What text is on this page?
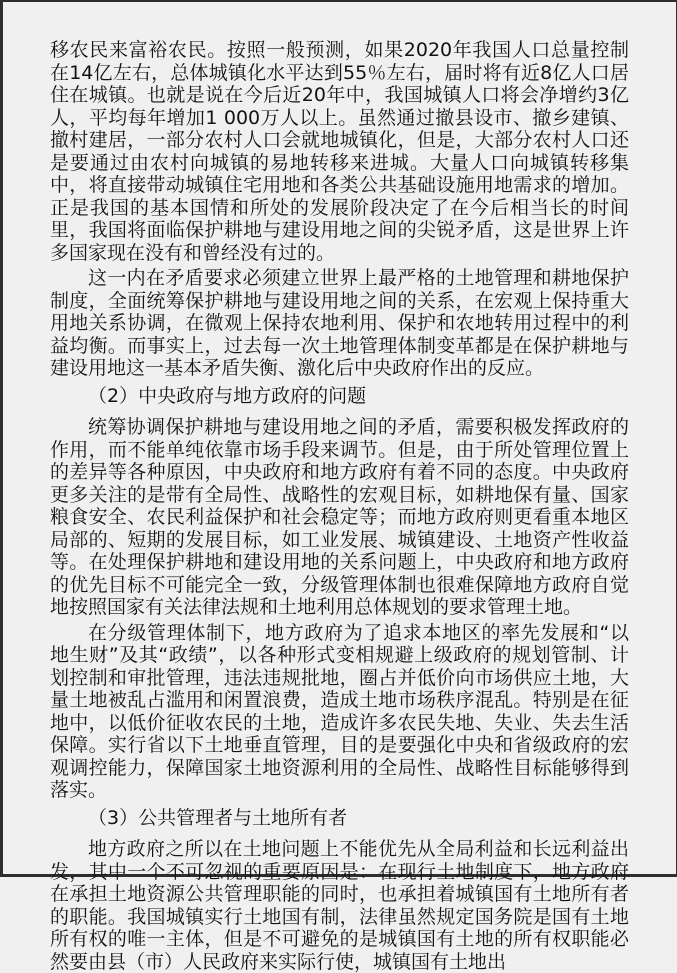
移农民来富裕农民。按照一般预测，如果2020年我国人口总量控制在14亿左右，总体城镇化水平达到55％左右，届时将有近8亿人口居住在城镇。也就是说在今后近20年中，我国城镇人口将会净增约3亿人，平均每年增加1 000万人以上。虽然通过撤县设市、撤乡建镇、撤村建居，一部分农村人口会就地城镇化，但是，大部分农村人口还是要通过由农村向城镇的易地转移来进城。大量人口向城镇转移集中，将直接带动城镇住宅用地和各类公共基础设施用地需求的增加。正是我国的基本国情和所处的发展阶段决定了在今后相当长的时间里，我国将面临保护耕地与建设用地之间的尖锐矛盾，这是世界上许多国家现在没有和曾经没有过的。

这一内在矛盾要求必须建立世界上最严格的土地管理和耕地保护制度，全面统筹保护耕地与建设用地之间的关系，在宏观上保持重大用地关系协调，在微观上保持农地利用、保护和农地转用过程中的利益均衡。而事实上，过去每一次土地管理体制变革都是在保护耕地与建设用地这一基本矛盾失衡、激化后中央政府作出的反应。

（2）中央政府与地方政府的问题

统筹协调保护耕地与建设用地之间的矛盾，需要积极发挥政府的作用，而不能单纯依靠市场手段来调节。但是，由于所处管理位置上的差异等各种原因，中央政府和地方政府有着不同的态度。中央政府更多关注的是带有全局性、战略性的宏观目标，如耕地保有量、国家粮食安全、农民利益保护和社会稳定等；而地方政府则更看重本地区局部的、短期的发展目标，如工业发展、城镇建设、土地资产性收益等。在处理保护耕地和建设用地的关系问题上，中央政府和地方政府的优先目标不可能完全一致，分级管理体制也很难保障地方政府自觉地按照国家有关法律法规和土地利用总体规划的要求管理土地。

在分级管理体制下，地方政府为了追求本地区的率先发展和“以地生财”及其“政绩”，以各种形式变相规避上级政府的规划管制、计划控制和审批管理，违法违规批地，圈占并低价向市场供应土地，大量土地被乱占滥用和闲置浪费，造成土地市场秩序混乱。特别是在征地中，以低价征收农民的土地，造成许多农民失地、失业、失去生活保障。实行省以下土地垂直管理，目的是要强化中央和省级政府的宏观调控能力，保障国家土地资源利用的全局性、战略性目标能够得到落实。

（3）公共管理者与土地所有者

地方政府之所以在土地问题上不能优先从全局利益和长远利益出发，其中一个不可忽视的重要原因是：在现行土地制度下，地方政府在承担土地资源公共管理职能的同时，也承担着城镇国有土地所有者的职能。我国城镇实行土地国有制，法律虽然规定国务院是国有土地所有权的唯一主体，但是不可避免的是城镇国有土地的所有权职能必然要由县（市）人民政府来实际行使，城镇国有土地出
